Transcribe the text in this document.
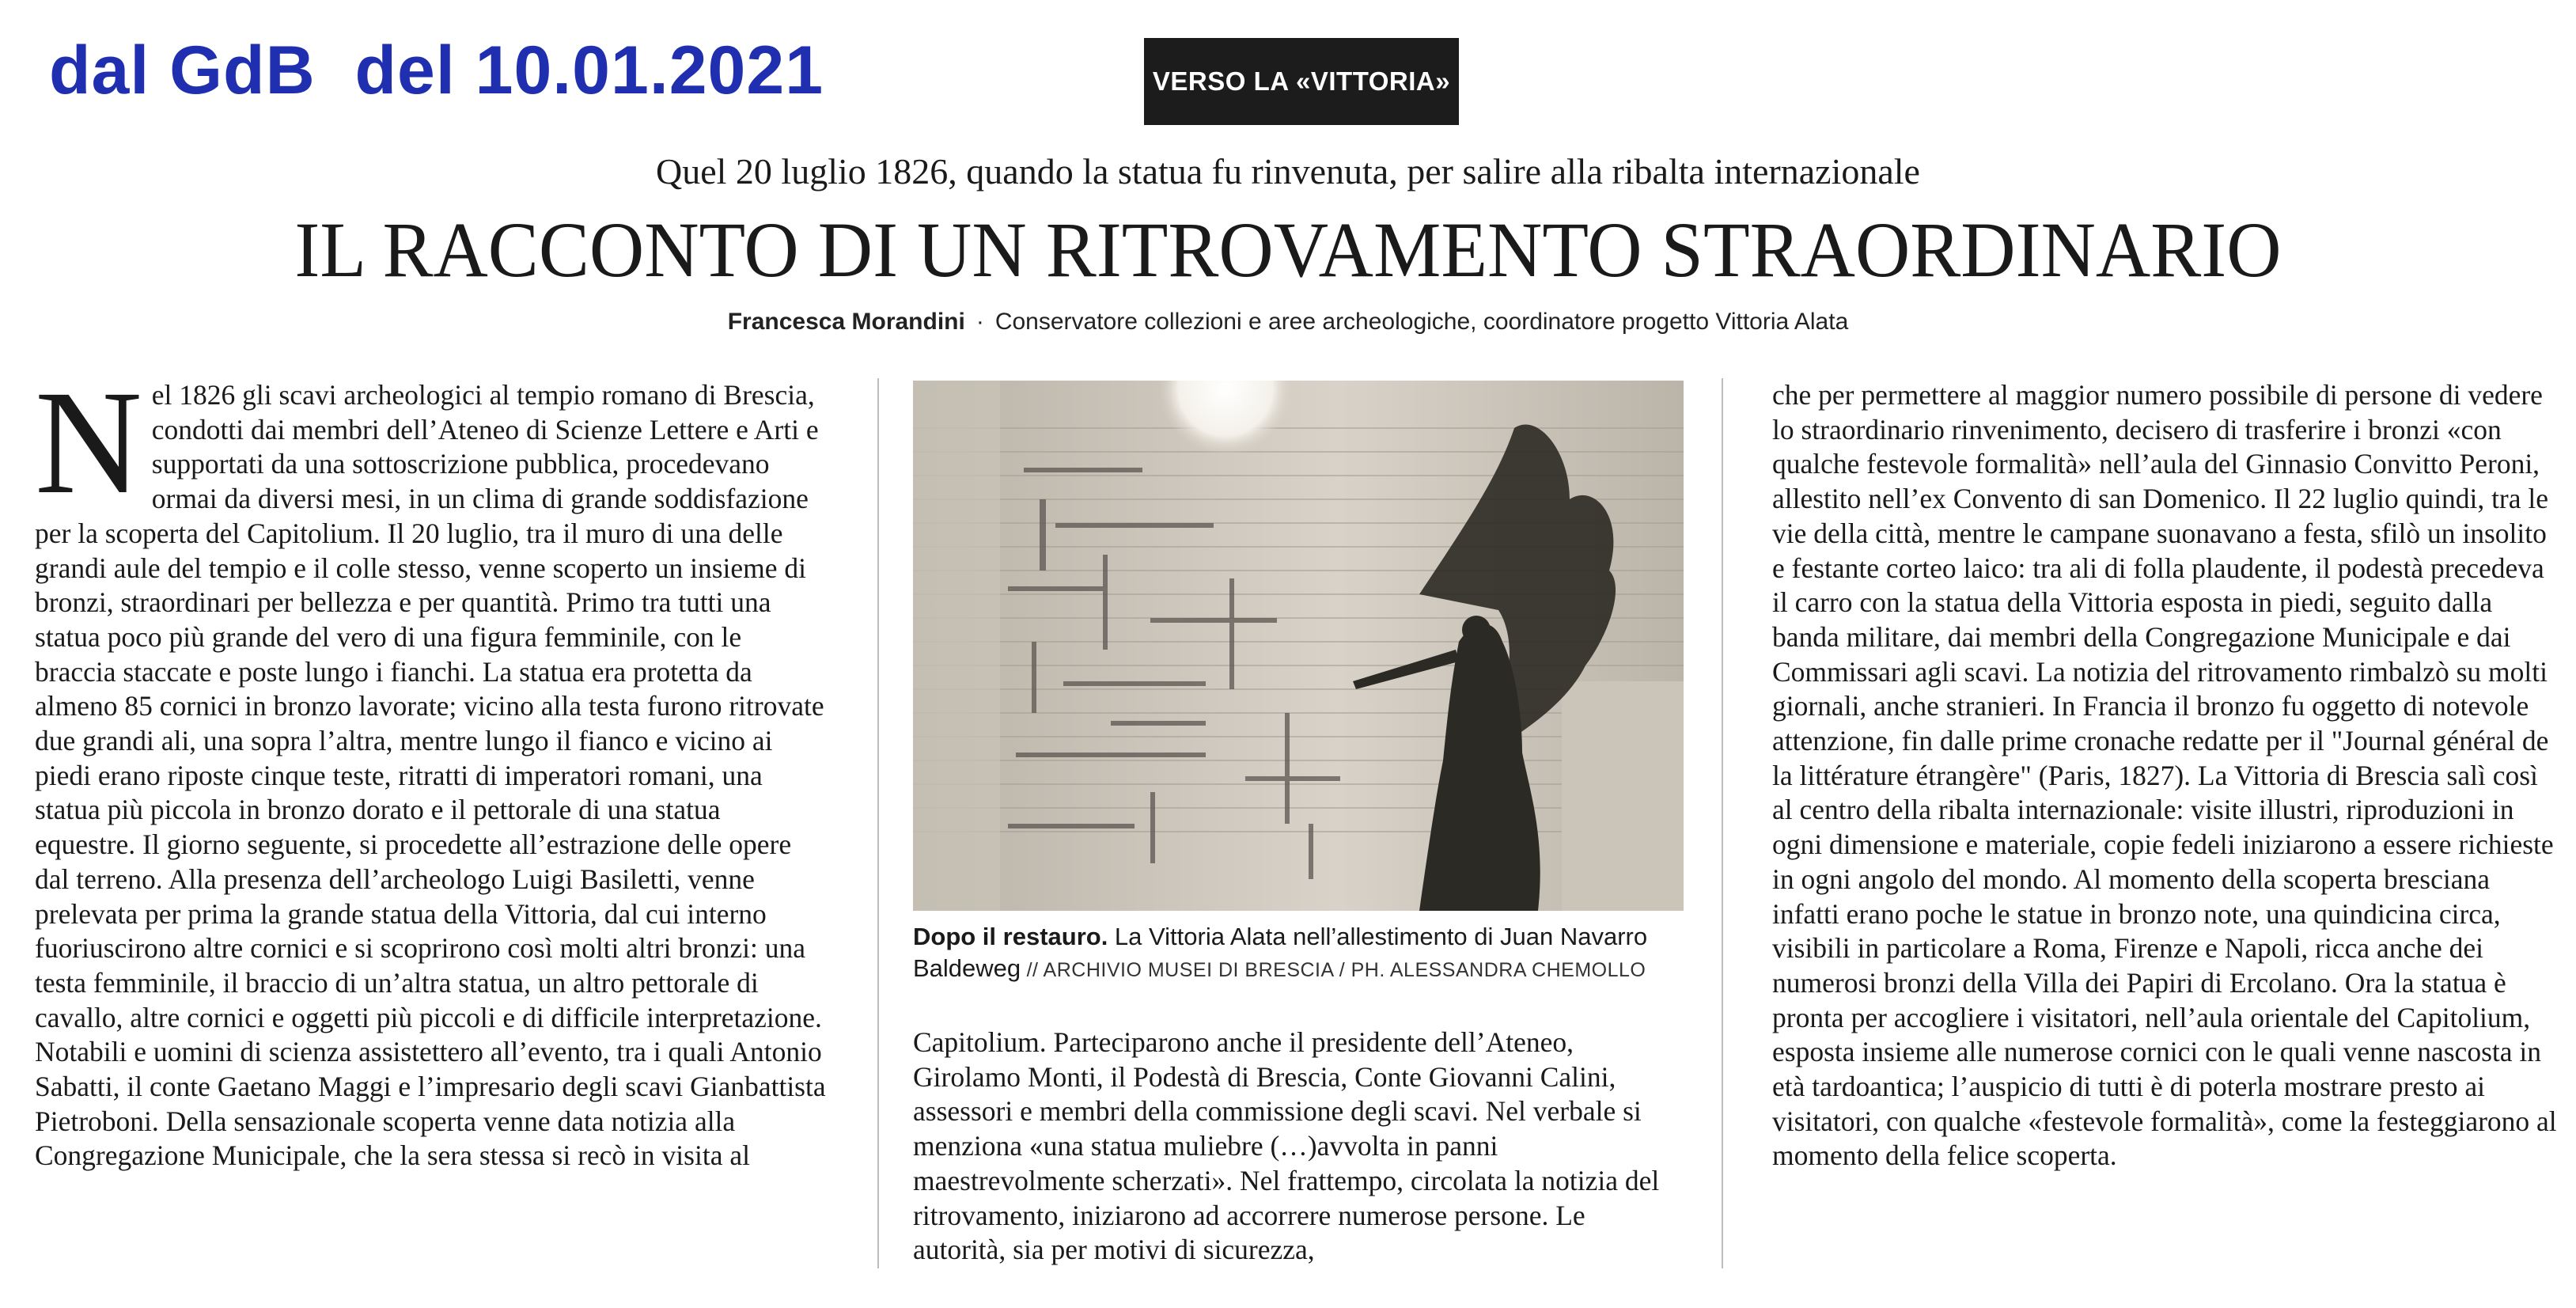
dal GdB  del 10.01.2021	VERSO LA «VITTORIA»
Quel 20 luglio 1826, quando la statua fu rinvenuta, per salire alla ribalta internazionale
IL RACCONTO DI UN RITROVAMENTO STRAORDINARIO
Francesca Morandini · Conservatore collezioni e aree archeologiche, coordinatore progetto Vittoria Alata
Nel 1826 gli scavi archeologici al tempio romano di Brescia, condotti dai membri dell’Ateneo di Scienze Lettere e Arti e supportati da una sottoscrizione pubblica, procedevano ormai da diversi mesi, in un clima di grande soddisfazione per la scoperta del Capitolium. Il 20 luglio, tra il muro di una delle grandi aule del tempio e il colle stesso, venne scoperto un insieme di bronzi, straordinari per bellezza e per quantità. Primo tra tutti una statua poco più grande del vero di una figura femminile, con le braccia staccate e poste lungo i fianchi. La statua era protetta da almeno 85 cornici in bronzo lavorate; vicino alla testa furono ritrovate due grandi ali, una sopra l’altra, mentre lungo il fianco e vicino ai piedi erano riposte cinque teste, ritratti di imperatori romani, una statua più piccola in bronzo dorato e il pettorale di una statua equestre. Il giorno seguente, si procedette all’estrazione delle opere dal terreno. Alla presenza dell’archeologo Luigi Basiletti, venne prelevata per prima la grande statua della Vittoria, dal cui interno fuoriuscirono altre cornici e si scoprirono così molti altri bronzi: una testa femminile, il braccio di un’altra statua, un altro pettorale di cavallo, altre cornici e oggetti più piccoli e di difficile interpretazione. Notabili e uomini di scienza assistettero all’evento, tra i quali Antonio Sabatti, il conte Gaetano Maggi e l’impresario degli scavi Gianbattista Pietroboni. Della sensazionale scoperta venne data notizia alla Congregazione Municipale, che la sera stessa si recò in visita al
Dopo il restauro. La Vittoria Alata nell’allestimento di Juan Navarro Baldeweg // ARCHIVIO MUSEI DI BRESCIA / PH. ALESSANDRA CHEMOLLO
Capitolium. Parteciparono anche il presidente dell’Ateneo, Girolamo Monti, il Podestà di Brescia, Conte Giovanni Calini, assessori e membri della commissione degli scavi. Nel verbale si menziona «una statua muliebre (…)avvolta in panni maestrevolmente scherzati». Nel frattempo, circolata la notizia del ritrovamento, iniziarono ad accorrere numerose persone. Le autorità, sia per motivi di sicurezza,
che per permettere al maggior numero possibile di persone di vedere lo straordinario rinvenimento, decisero di trasferire i bronzi «con qualche festevole formalità» nell’aula del Ginnasio Convitto Peroni, allestito nell’ex Convento di san Domenico. Il 22 luglio quindi, tra le vie della città, mentre le campane suonavano a festa, sfilò un insolito e festante corteo laico: tra ali di folla plaudente, il podestà precedeva il carro con la statua della Vittoria esposta in piedi, seguito dalla banda militare, dai membri della Congregazione Municipale e dai Commissari agli scavi. La notizia del ritrovamento rimbalzò su molti giornali, anche stranieri. In Francia il bronzo fu oggetto di notevole attenzione, fin dalle prime cronache redatte per il "Journal général de la littérature étrangère" (Paris, 1827). La Vittoria di Brescia salì così al centro della ribalta internazionale: visite illustri, riproduzioni in ogni dimensione e materiale, copie fedeli iniziarono a essere richieste in ogni angolo del mondo. Al momento della scoperta bresciana infatti erano poche le statue in bronzo note, una quindicina circa, visibili in particolare a Roma, Firenze e Napoli, ricca anche dei numerosi bronzi della Villa dei Papiri di Ercolano. Ora la statua è pronta per accogliere i visitatori, nell’aula orientale del Capitolium, esposta insieme alle numerose cornici con le quali venne nascosta in età tardoantica; l’auspicio di tutti è di poterla mostrare presto ai visitatori, con qualche «festevole formalità», come la festeggiarono al momento della felice scoperta.
